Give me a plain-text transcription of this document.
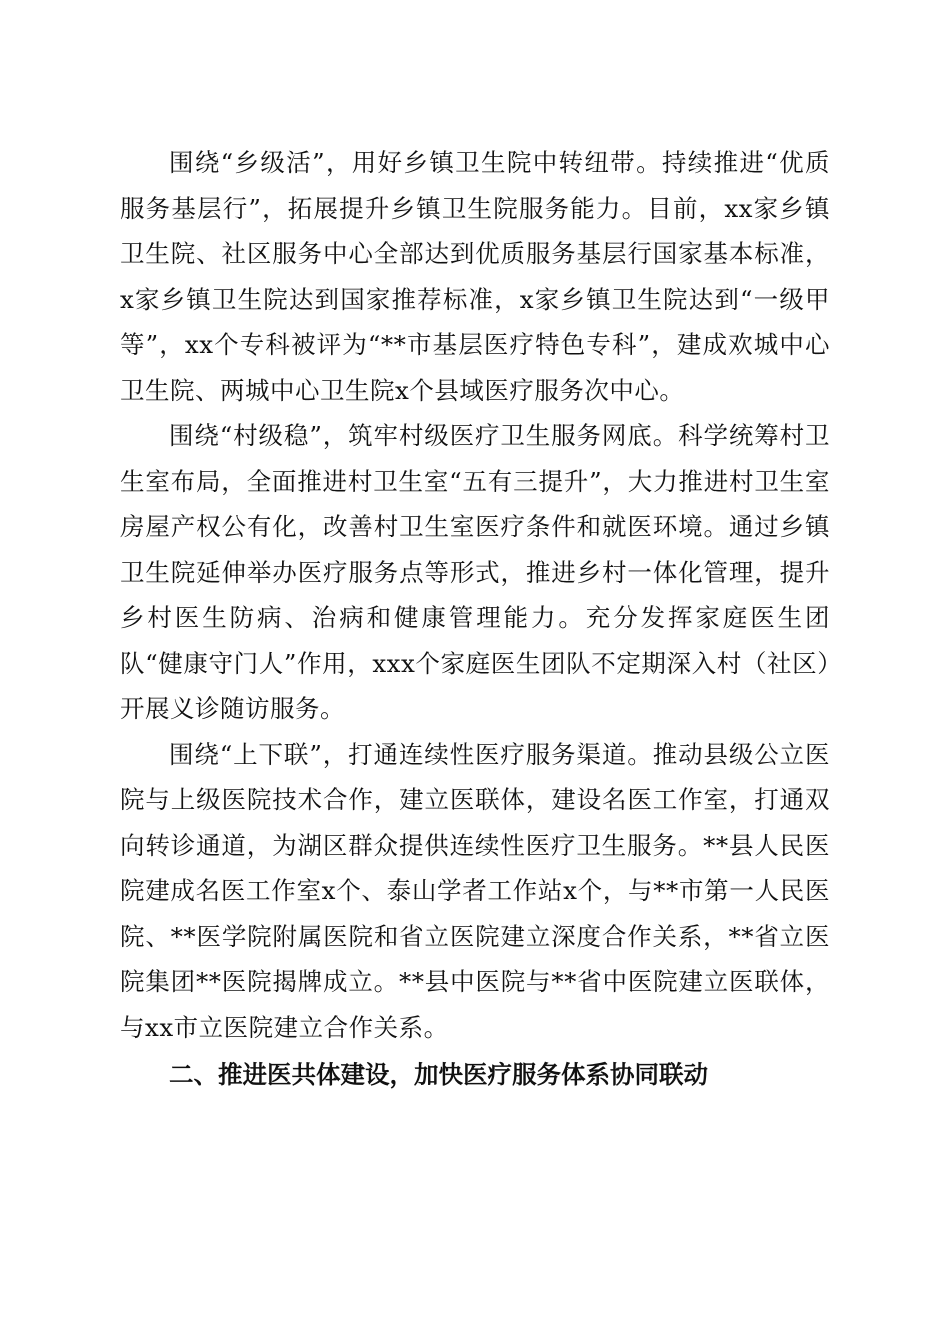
围绕“乡级活”，用好乡镇卫生院中转纽带。持续推进“优质服务基层行”，拓展提升乡镇卫生院服务能力。目前，xx家乡镇卫生院、社区服务中心全部达到优质服务基层行国家基本标准，x家乡镇卫生院达到国家推荐标准，x家乡镇卫生院达到“一级甲等”，xx个专科被评为“**市基层医疗特色专科”，建成欢城中心卫生院、两城中心卫生院x个县域医疗服务次中心。

围绕“村级稳”，筑牢村级医疗卫生服务网底。科学统筹村卫生室布局，全面推进村卫生室“五有三提升”，大力推进村卫生室房屋产权公有化，改善村卫生室医疗条件和就医环境。通过乡镇卫生院延伸举办医疗服务点等形式，推进乡村一体化管理，提升乡村医生防病、治病和健康管理能力。充分发挥家庭医生团队“健康守门人”作用，xxx个家庭医生团队不定期深入村（社区）开展义诊随访服务。

围绕“上下联”，打通连续性医疗服务渠道。推动县级公立医院与上级医院技术合作，建立医联体，建设名医工作室，打通双向转诊通道，为湖区群众提供连续性医疗卫生服务。**县人民医院建成名医工作室x个、泰山学者工作站x个，与**市第一人民医院、**医学院附属医院和省立医院建立深度合作关系，**省立医院集团**医院揭牌成立。**县中医院与**省中医院建立医联体，与xx市立医院建立合作关系。

二、推进医共体建设，加快医疗服务体系协同联动
